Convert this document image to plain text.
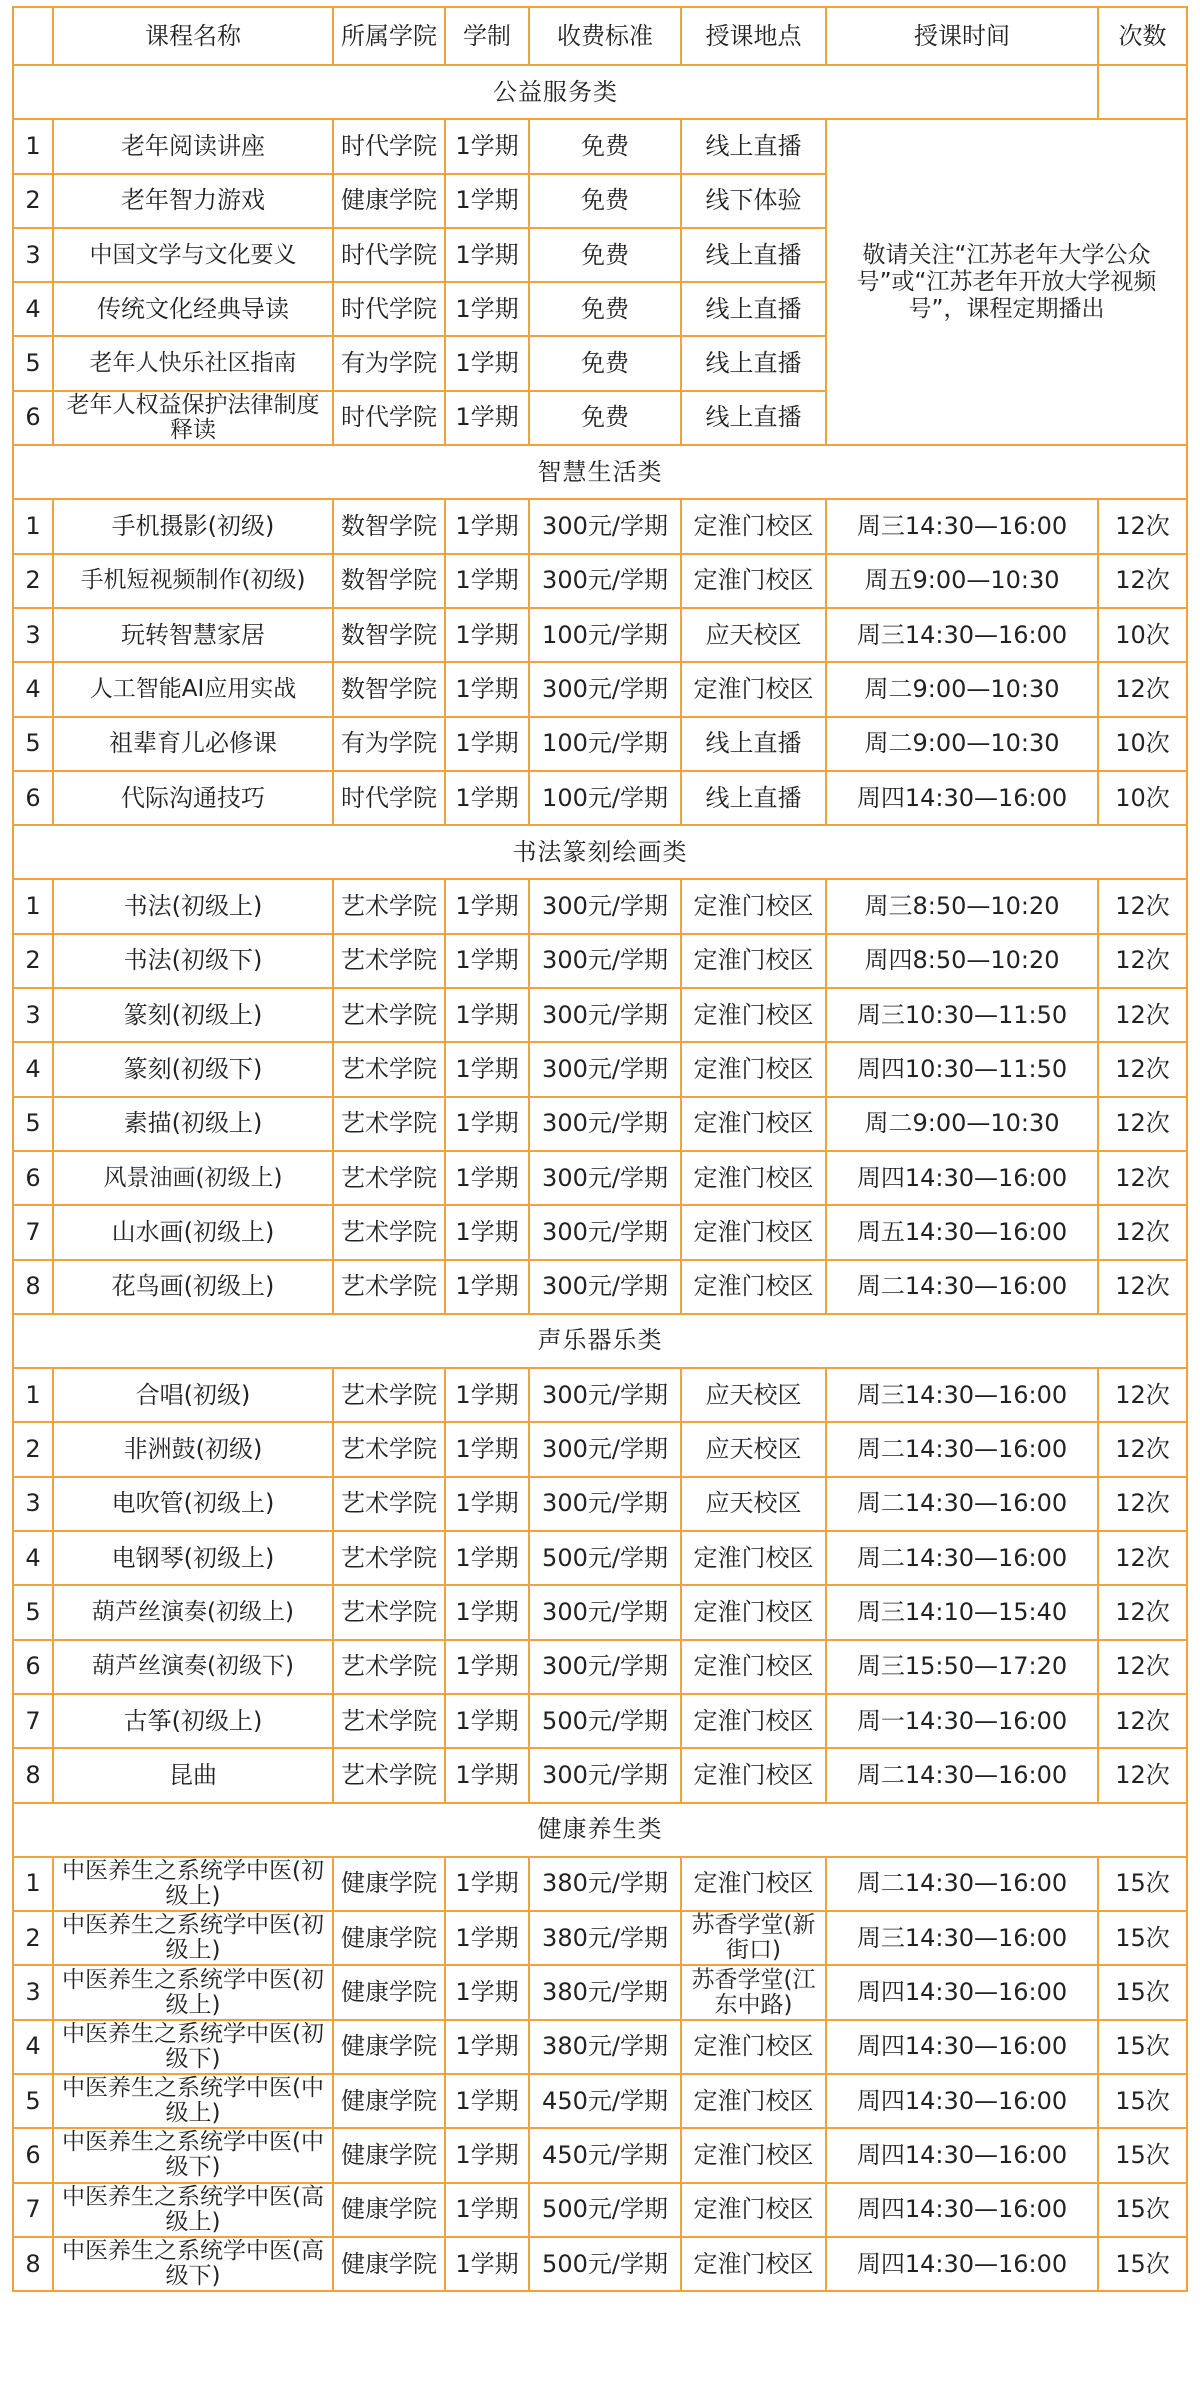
	课程名称	所属学院	学制	收费标准	授课地点	授课时间	次数
公益服务类							
1	老年阅读讲座	时代学院	1学期	免费	线上直播	敬请关注“江苏老年大学公众号”或“江苏老年开放大学视频号”，课程定期播出	
2	老年智力游戏	健康学院	1学期	免费	线下体验		
3	中国文学与文化要义	时代学院	1学期	免费	线上直播		
4	传统文化经典导读	时代学院	1学期	免费	线上直播		
5	老年人快乐社区指南	有为学院	1学期	免费	线上直播		
6	老年人权益保护法律制度释读	时代学院	1学期	免费	线上直播		
智慧生活类							
1	手机摄影(初级)	数智学院	1学期	300元/学期	定淮门校区	周三14:30—16:00	12次
2	手机短视频制作(初级)	数智学院	1学期	300元/学期	定淮门校区	周五9:00—10:30	12次
3	玩转智慧家居	数智学院	1学期	100元/学期	应天校区	周三14:30—16:00	10次
4	人工智能AI应用实战	数智学院	1学期	300元/学期	定淮门校区	周二9:00—10:30	12次
5	祖辈育儿必修课	有为学院	1学期	100元/学期	线上直播	周二9:00—10:30	10次
6	代际沟通技巧	时代学院	1学期	100元/学期	线上直播	周四14:30—16:00	10次
书法篆刻绘画类							
1	书法(初级上)	艺术学院	1学期	300元/学期	定淮门校区	周三8:50—10:20	12次
2	书法(初级下)	艺术学院	1学期	300元/学期	定淮门校区	周四8:50—10:20	12次
3	篆刻(初级上)	艺术学院	1学期	300元/学期	定淮门校区	周三10:30—11:50	12次
4	篆刻(初级下)	艺术学院	1学期	300元/学期	定淮门校区	周四10:30—11:50	12次
5	素描(初级上)	艺术学院	1学期	300元/学期	定淮门校区	周二9:00—10:30	12次
6	风景油画(初级上)	艺术学院	1学期	300元/学期	定淮门校区	周四14:30—16:00	12次
7	山水画(初级上)	艺术学院	1学期	300元/学期	定淮门校区	周五14:30—16:00	12次
8	花鸟画(初级上)	艺术学院	1学期	300元/学期	定淮门校区	周二14:30—16:00	12次
声乐器乐类							
1	合唱(初级)	艺术学院	1学期	300元/学期	应天校区	周三14:30—16:00	12次
2	非洲鼓(初级)	艺术学院	1学期	300元/学期	应天校区	周二14:30—16:00	12次
3	电吹管(初级上)	艺术学院	1学期	300元/学期	应天校区	周二14:30—16:00	12次
4	电钢琴(初级上)	艺术学院	1学期	500元/学期	定淮门校区	周二14:30—16:00	12次
5	葫芦丝演奏(初级上)	艺术学院	1学期	300元/学期	定淮门校区	周三14:10—15:40	12次
6	葫芦丝演奏(初级下)	艺术学院	1学期	300元/学期	定淮门校区	周三15:50—17:20	12次
7	古筝(初级上)	艺术学院	1学期	500元/学期	定淮门校区	周一14:30—16:00	12次
8	昆曲	艺术学院	1学期	300元/学期	定淮门校区	周二14:30—16:00	12次
健康养生类							
1	中医养生之系统学中医(初级上)	健康学院	1学期	380元/学期	定淮门校区	周二14:30—16:00	15次
2	中医养生之系统学中医(初级上)	健康学院	1学期	380元/学期	苏香学堂(新街口)	周三14:30—16:00	15次
3	中医养生之系统学中医(初级上)	健康学院	1学期	380元/学期	苏香学堂(江东中路)	周四14:30—16:00	15次
4	中医养生之系统学中医(初级下)	健康学院	1学期	380元/学期	定淮门校区	周四14:30—16:00	15次
5	中医养生之系统学中医(中级上)	健康学院	1学期	450元/学期	定淮门校区	周四14:30—16:00	15次
6	中医养生之系统学中医(中级下)	健康学院	1学期	450元/学期	定淮门校区	周四14:30—16:00	15次
7	中医养生之系统学中医(高级上)	健康学院	1学期	500元/学期	定淮门校区	周四14:30—16:00	15次
8	中医养生之系统学中医(高级下)	健康学院	1学期	500元/学期	定淮门校区	周四14:30—16:00	15次
